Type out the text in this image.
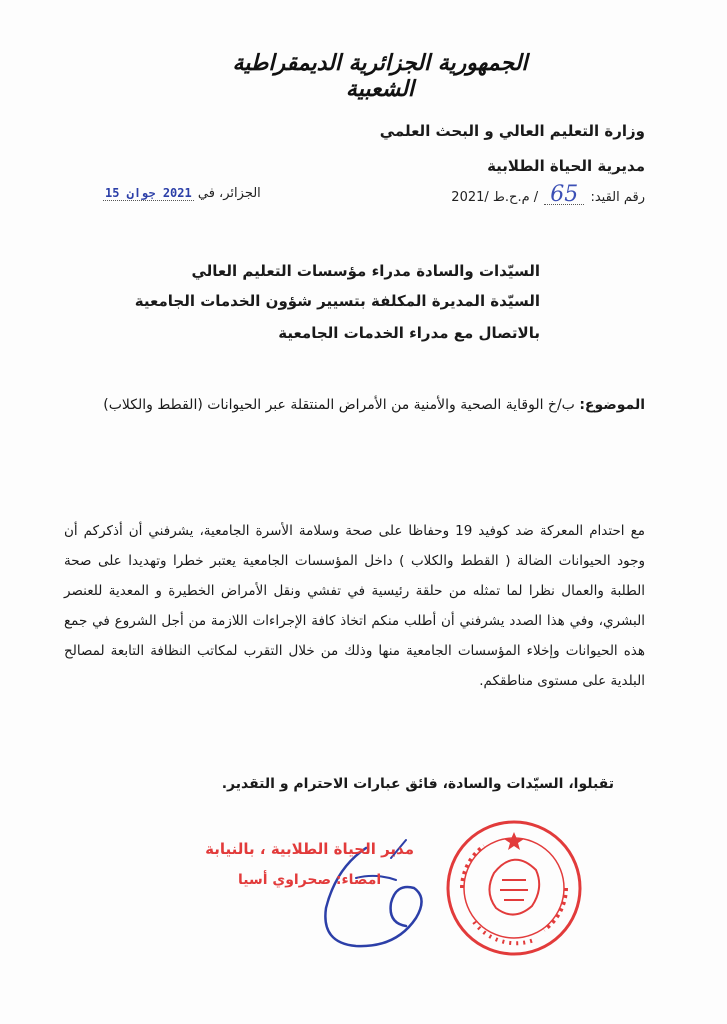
الجمهورية الجزائرية الديمقراطية الشعبية
وزارة التعليم العالي و البحث العلمي
مديرية الحياة الطلابية
رقم القيد: 65 / م.ح.ط /2021
الجزائر، في 2021 جوان 15
السيّدات والسادة مدراء مؤسسات التعليم العالي
السيّدة المديرة المكلفة بتسيير شؤون الخدمات الجامعية
بالاتصال مع مدراء الخدمات الجامعية
الموضوع: ب/خ الوقاية الصحية والأمنية من الأمراض المنتقلة عبر الحيوانات (القطط والكلاب)
مع احتدام المعركة ضد كوفيد 19 وحفاظا على صحة وسلامة الأسرة الجامعية، يشرفني أن أذكركم أن وجود الحيوانات الضالة ( القطط والكلاب ) داخل المؤسسات الجامعية يعتبر خطرا وتهديدا على صحة الطلبة والعمال نظرا لما تمثله من حلقة رئيسية في تفشي ونقل الأمراض الخطيرة و المعدية للعنصر البشري، وفي هذا الصدد يشرفني أن أطلب منكم اتخاذ كافة الإجراءات اللازمة من أجل الشروع في جمع هذه الحيوانات وإخلاء المؤسسات الجامعية منها وذلك من خلال التقرب لمكاتب النظافة التابعة لمصالح البلدية على مستوى مناطقكم.
تقبلوا، السيّدات والسادة، فائق عبارات الاحترام و التقدير.
مدير الحياة الطلابية ، بالنيابة
امضاء: صحراوي أسيا
